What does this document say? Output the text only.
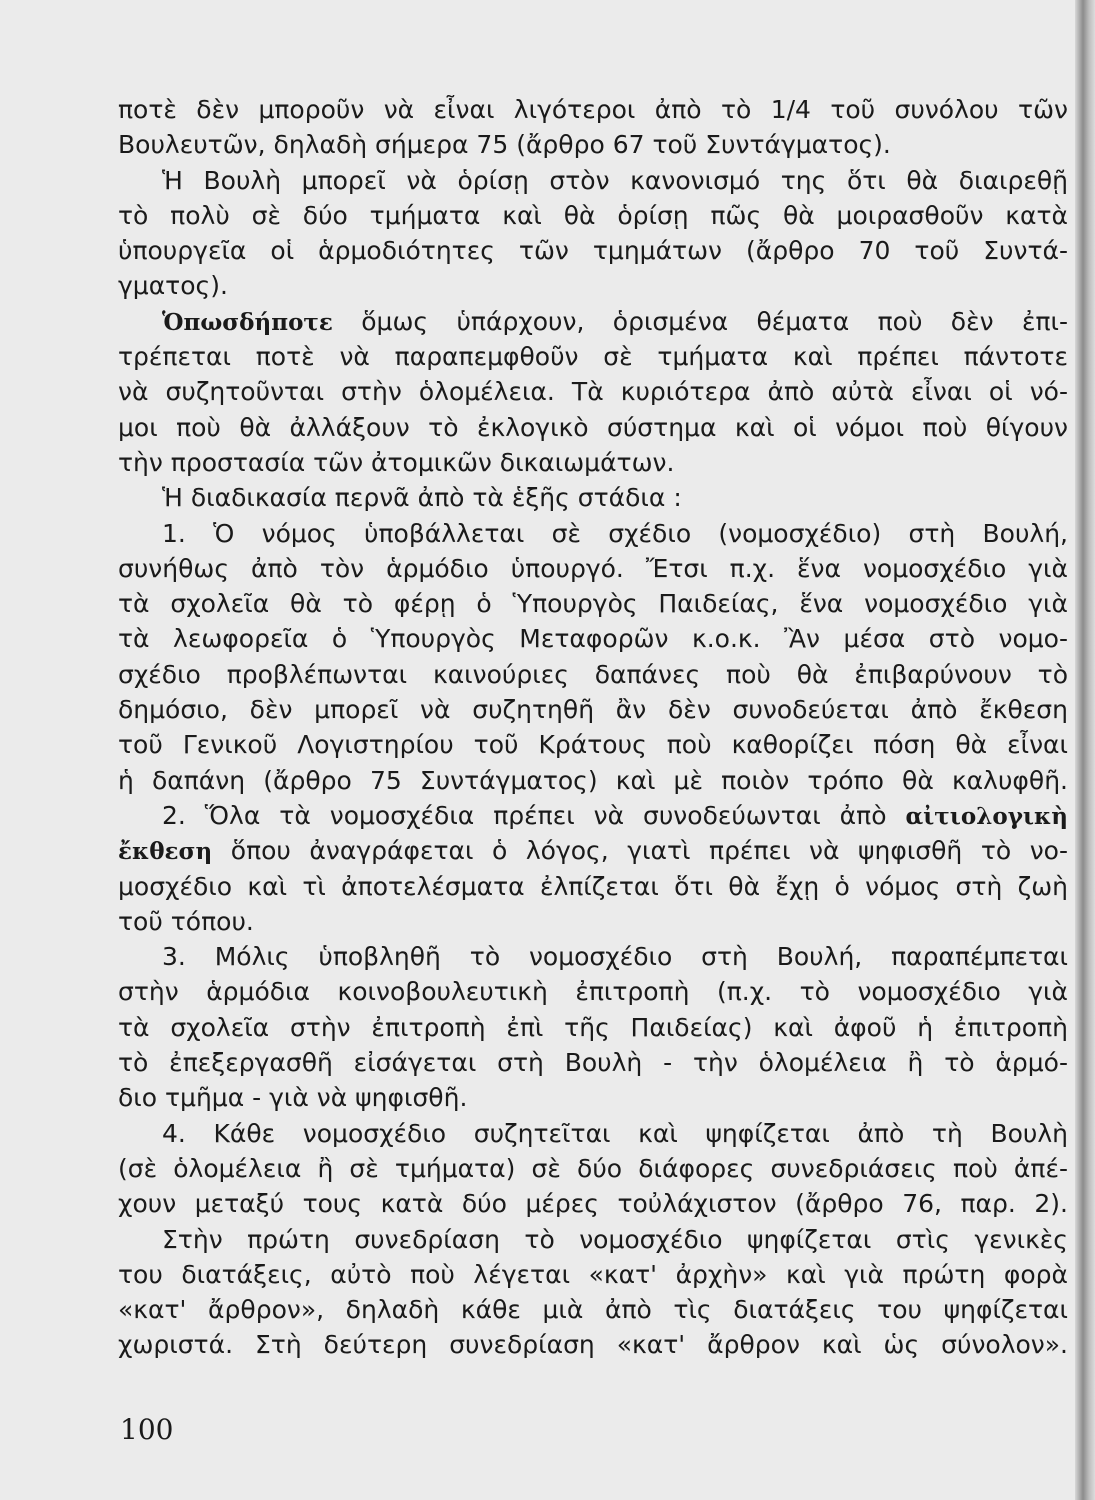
ποτὲ δὲν μποροῦν νὰ εἶναι λιγότεροι ἀπὸ τὸ 1/4 τοῦ συνόλου τῶν
Βουλευτῶν, δηλαδὴ σήμερα 75 (ἄρθρο 67 τοῦ Συντάγματος).
Ἡ Βουλὴ μπορεῖ νὰ ὁρίσῃ στὸν κανονισμό της ὅτι θὰ διαιρεθῇ
τὸ πολὺ σὲ δύο τμήματα καὶ θὰ ὁρίσῃ πῶς θὰ μοιρασθοῦν κατὰ
ὑπουργεῖα οἱ ἁρμοδιότητες τῶν τμημάτων (ἄρθρο 70 τοῦ Συντά-
γματος).
Ὁπωσδήποτε ὅμως ὑπάρχουν, ὁρισμένα θέματα ποὺ δὲν ἐπι-
τρέπεται ποτὲ νὰ παραπεμφθοῦν σὲ τμήματα καὶ πρέπει πάντοτε
νὰ συζητοῦνται στὴν ὁλομέλεια. Τὰ κυριότερα ἀπὸ αὐτὰ εἶναι οἱ νό-
μοι ποὺ θὰ ἀλλάξουν τὸ ἐκλογικὸ σύστημα καὶ οἱ νόμοι ποὺ θίγουν
τὴν προστασία τῶν ἀτομικῶν δικαιωμάτων.
Ἡ διαδικασία περνᾶ ἀπὸ τὰ ἑξῆς στάδια :
1. Ὁ νόμος ὑποβάλλεται σὲ σχέδιο (νομοσχέδιο) στὴ Βουλή,
συνήθως ἀπὸ τὸν ἁρμόδιο ὑπουργό. Ἔτσι π.χ. ἕνα νομοσχέδιο γιὰ
τὰ σχολεῖα θὰ τὸ φέρῃ ὁ Ὑπουργὸς Παιδείας, ἕνα νομοσχέδιο γιὰ
τὰ λεωφορεῖα ὁ Ὑπουργὸς Μεταφορῶν κ.ο.κ. Ἂν μέσα στὸ νομο-
σχέδιο προβλέπωνται καινούριες δαπάνες ποὺ θὰ ἐπιβαρύνουν τὸ
δημόσιο, δὲν μπορεῖ νὰ συζητηθῆ ἂν δὲν συνοδεύεται ἀπὸ ἔκθεση
τοῦ Γενικοῦ Λογιστηρίου τοῦ Κράτους ποὺ καθορίζει πόση θὰ εἶναι
ἡ δαπάνη (ἄρθρο 75 Συντάγματος) καὶ μὲ ποιὸν τρόπο θὰ καλυφθῆ.
2. Ὅλα τὰ νομοσχέδια πρέπει νὰ συνοδεύωνται ἀπὸ αἰτιολογικὴ
ἔκθεση ὅπου ἀναγράφεται ὁ λόγος, γιατὶ πρέπει νὰ ψηφισθῆ τὸ νο-
μοσχέδιο καὶ τὶ ἀποτελέσματα ἐλπίζεται ὅτι θὰ ἔχῃ ὁ νόμος στὴ ζωὴ
τοῦ τόπου.
3. Μόλις ὑποβληθῆ τὸ νομοσχέδιο στὴ Βουλή, παραπέμπεται
στὴν ἁρμόδια κοινοβουλευτικὴ ἐπιτροπὴ (π.χ. τὸ νομοσχέδιο γιὰ
τὰ σχολεῖα στὴν ἐπιτροπὴ ἐπὶ τῆς Παιδείας) καὶ ἀφοῦ ἡ ἐπιτροπὴ
τὸ ἐπεξεργασθῆ εἰσάγεται στὴ Βουλὴ - τὴν ὁλομέλεια ἢ τὸ ἁρμό-
διο τμῆμα - γιὰ νὰ ψηφισθῆ.
4. Κάθε νομοσχέδιο συζητεῖται καὶ ψηφίζεται ἀπὸ τὴ Βουλὴ
(σὲ ὁλομέλεια ἢ σὲ τμήματα) σὲ δύο διάφορες συνεδριάσεις ποὺ ἀπέ-
χουν μεταξύ τους κατὰ δύο μέρες τοὐλάχιστον (ἄρθρο 76, παρ. 2).
Στὴν πρώτη συνεδρίαση τὸ νομοσχέδιο ψηφίζεται στὶς γενικὲς
του διατάξεις, αὐτὸ ποὺ λέγεται «κατ' ἀρχὴν» καὶ γιὰ πρώτη φορὰ
«κατ' ἄρθρον», δηλαδὴ κάθε μιὰ ἀπὸ τὶς διατάξεις του ψηφίζεται
χωριστά. Στὴ δεύτερη συνεδρίαση «κατ' ἄρθρον καὶ ὡς σύνολον».
100
